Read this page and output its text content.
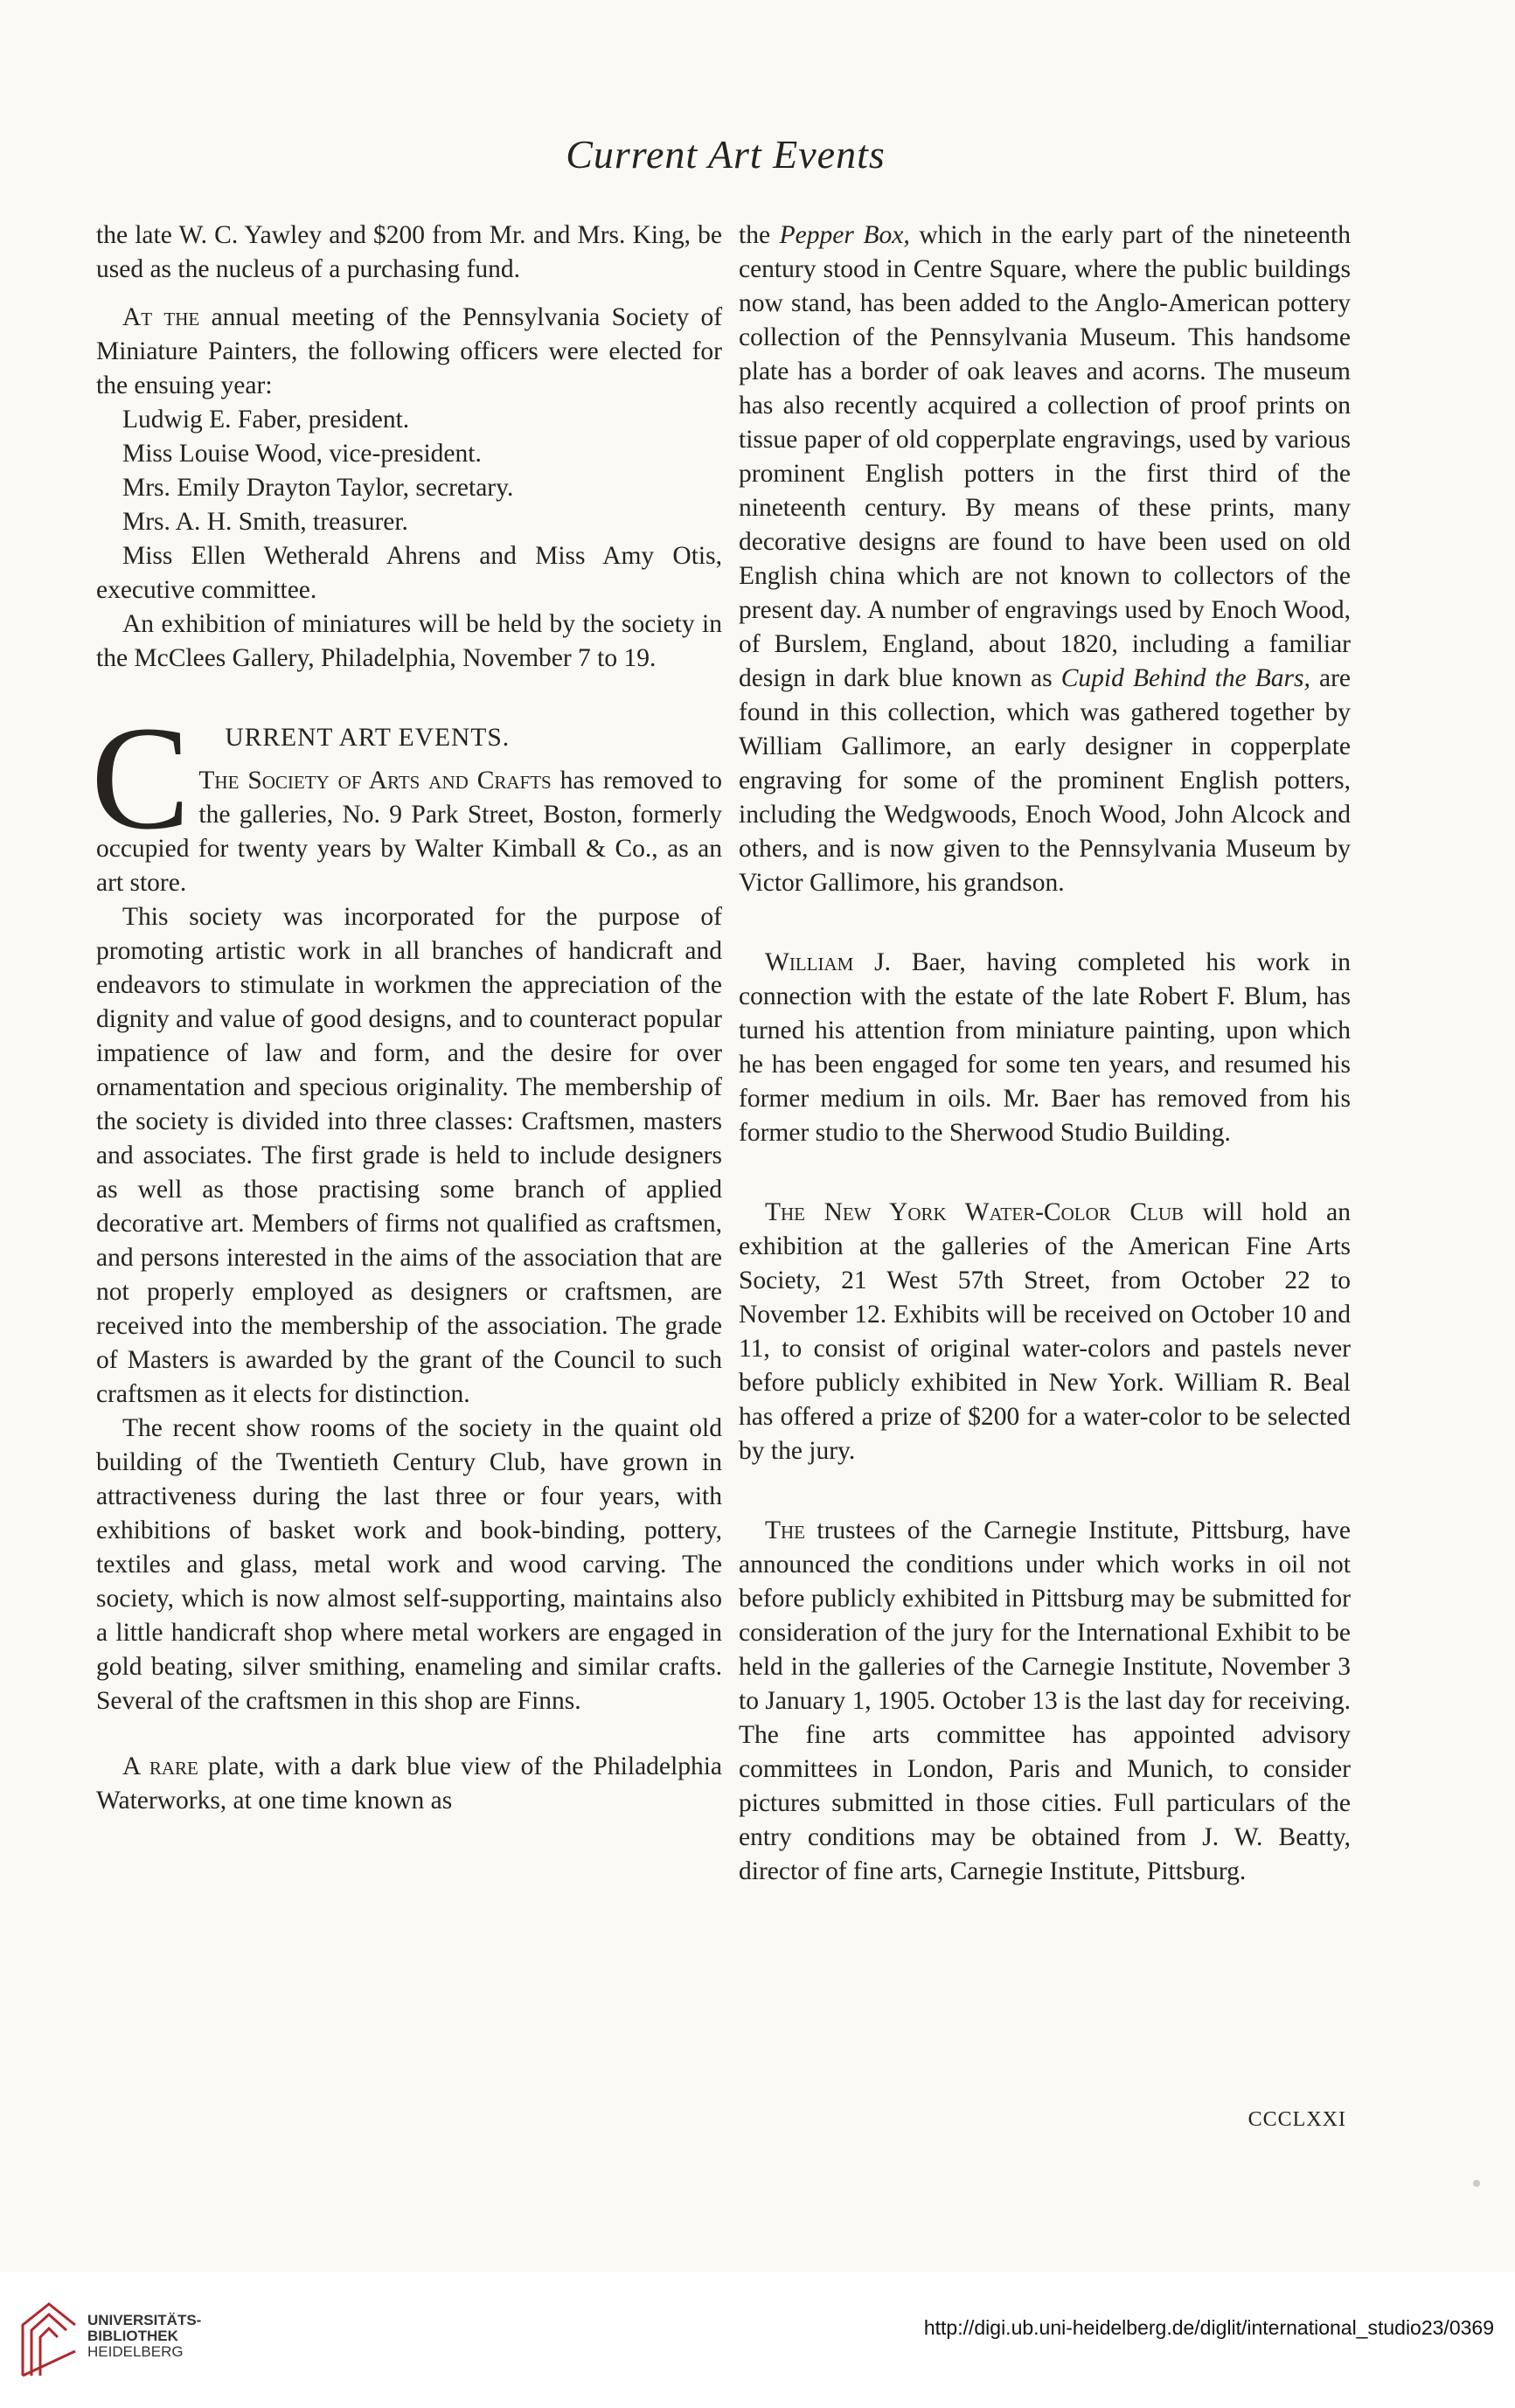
Current Art Events

the late W. C. Yawley and $200 from Mr. and Mrs. King, be used as the nucleus of a purchasing fund.

At the annual meeting of the Pennsylvania Society of Miniature Painters, the following officers were elected for the ensuing year:

Ludwig E. Faber, president.

Miss Louise Wood, vice-president.

Mrs. Emily Drayton Taylor, secretary.

Mrs. A. H. Smith, treasurer.

Miss Ellen Wetherald Ahrens and Miss Amy Otis, executive committee.

An exhibition of miniatures will be held by the society in the McClees Gallery, Philadelphia, November 7 to 19.

C	URRENT ART EVENTS.

The Society of Arts and Crafts has removed to the galleries, No. 9 Park Street, Boston, formerly occupied for twenty years by Walter Kimball & Co., as an art store.

This society was incorporated for the purpose of promoting artistic work in all branches of handicraft and endeavors to stimulate in workmen the appreciation of the dignity and value of good designs, and to counteract popular impatience of law and form, and the desire for over ornamentation and specious originality. The membership of the society is divided into three classes: Craftsmen, masters and associates. The first grade is held to include designers as well as those practising some branch of applied decorative art. Members of firms not qualified as craftsmen, and persons interested in the aims of the association that are not properly employed as designers or craftsmen, are received into the membership of the association. The grade of Masters is awarded by the grant of the Council to such craftsmen as it elects for distinction.

The recent show rooms of the society in the quaint old building of the Twentieth Century Club, have grown in attractiveness during the last three or four years, with exhibitions of basket work and book-binding, pottery, textiles and glass, metal work and wood carving. The society, which is now almost self-supporting, maintains also a little handicraft shop where metal workers are engaged in gold beating, silver smithing, enameling and similar crafts. Several of the craftsmen in this shop are Finns.

A rare plate, with a dark blue view of the Philadelphia Waterworks, at one time known as

the Pepper Box, which in the early part of the nineteenth century stood in Centre Square, where the public buildings now stand, has been added to the Anglo-American pottery collection of the Pennsylvania Museum. This handsome plate has a border of oak leaves and acorns. The museum has also recently acquired a collection of proof prints on tissue paper of old copperplate engravings, used by various prominent English potters in the first third of the nineteenth century. By means of these prints, many decorative designs are found to have been used on old English china which are not known to collectors of the present day. A number of engravings used by Enoch Wood, of Burslem, England, about 1820, including a familiar design in dark blue known as Cupid Behind the Bars, are found in this collection, which was gathered together by William Gallimore, an early designer in copperplate engraving for some of the prominent English potters, including the Wedgwoods, Enoch Wood, John Alcock and others, and is now given to the Pennsylvania Museum by Victor Gallimore, his grandson.

William J. Baer, having completed his work in connection with the estate of the late Robert F. Blum, has turned his attention from miniature painting, upon which he has been engaged for some ten years, and resumed his former medium in oils. Mr. Baer has removed from his former studio to the Sherwood Studio Building.

The New York Water-Color Club will hold an exhibition at the galleries of the American Fine Arts Society, 21 West 57th Street, from October 22 to November 12. Exhibits will be received on October 10 and 11, to consist of original water-colors and pastels never before publicly exhibited in New York. William R. Beal has offered a prize of $200 for a water-color to be selected by the jury.

The trustees of the Carnegie Institute, Pittsburg, have announced the conditions under which works in oil not before publicly exhibited in Pittsburg may be submitted for consideration of the jury for the International Exhibit to be held in the galleries of the Carnegie Institute, November 3 to January 1, 1905. October 13 is the last day for receiving. The fine arts committee has appointed advisory committees in London, Paris and Munich, to consider pictures submitted in those cities. Full particulars of the entry conditions may be obtained from J. W. Beatty, director of fine arts, Carnegie Institute, Pittsburg.

CCCLXXI
UNIVERSITÄTS-
BIBLIOTHEK
HEIDELBERG
http://digi.ub.uni-heidelberg.de/diglit/international_studio23/0369
